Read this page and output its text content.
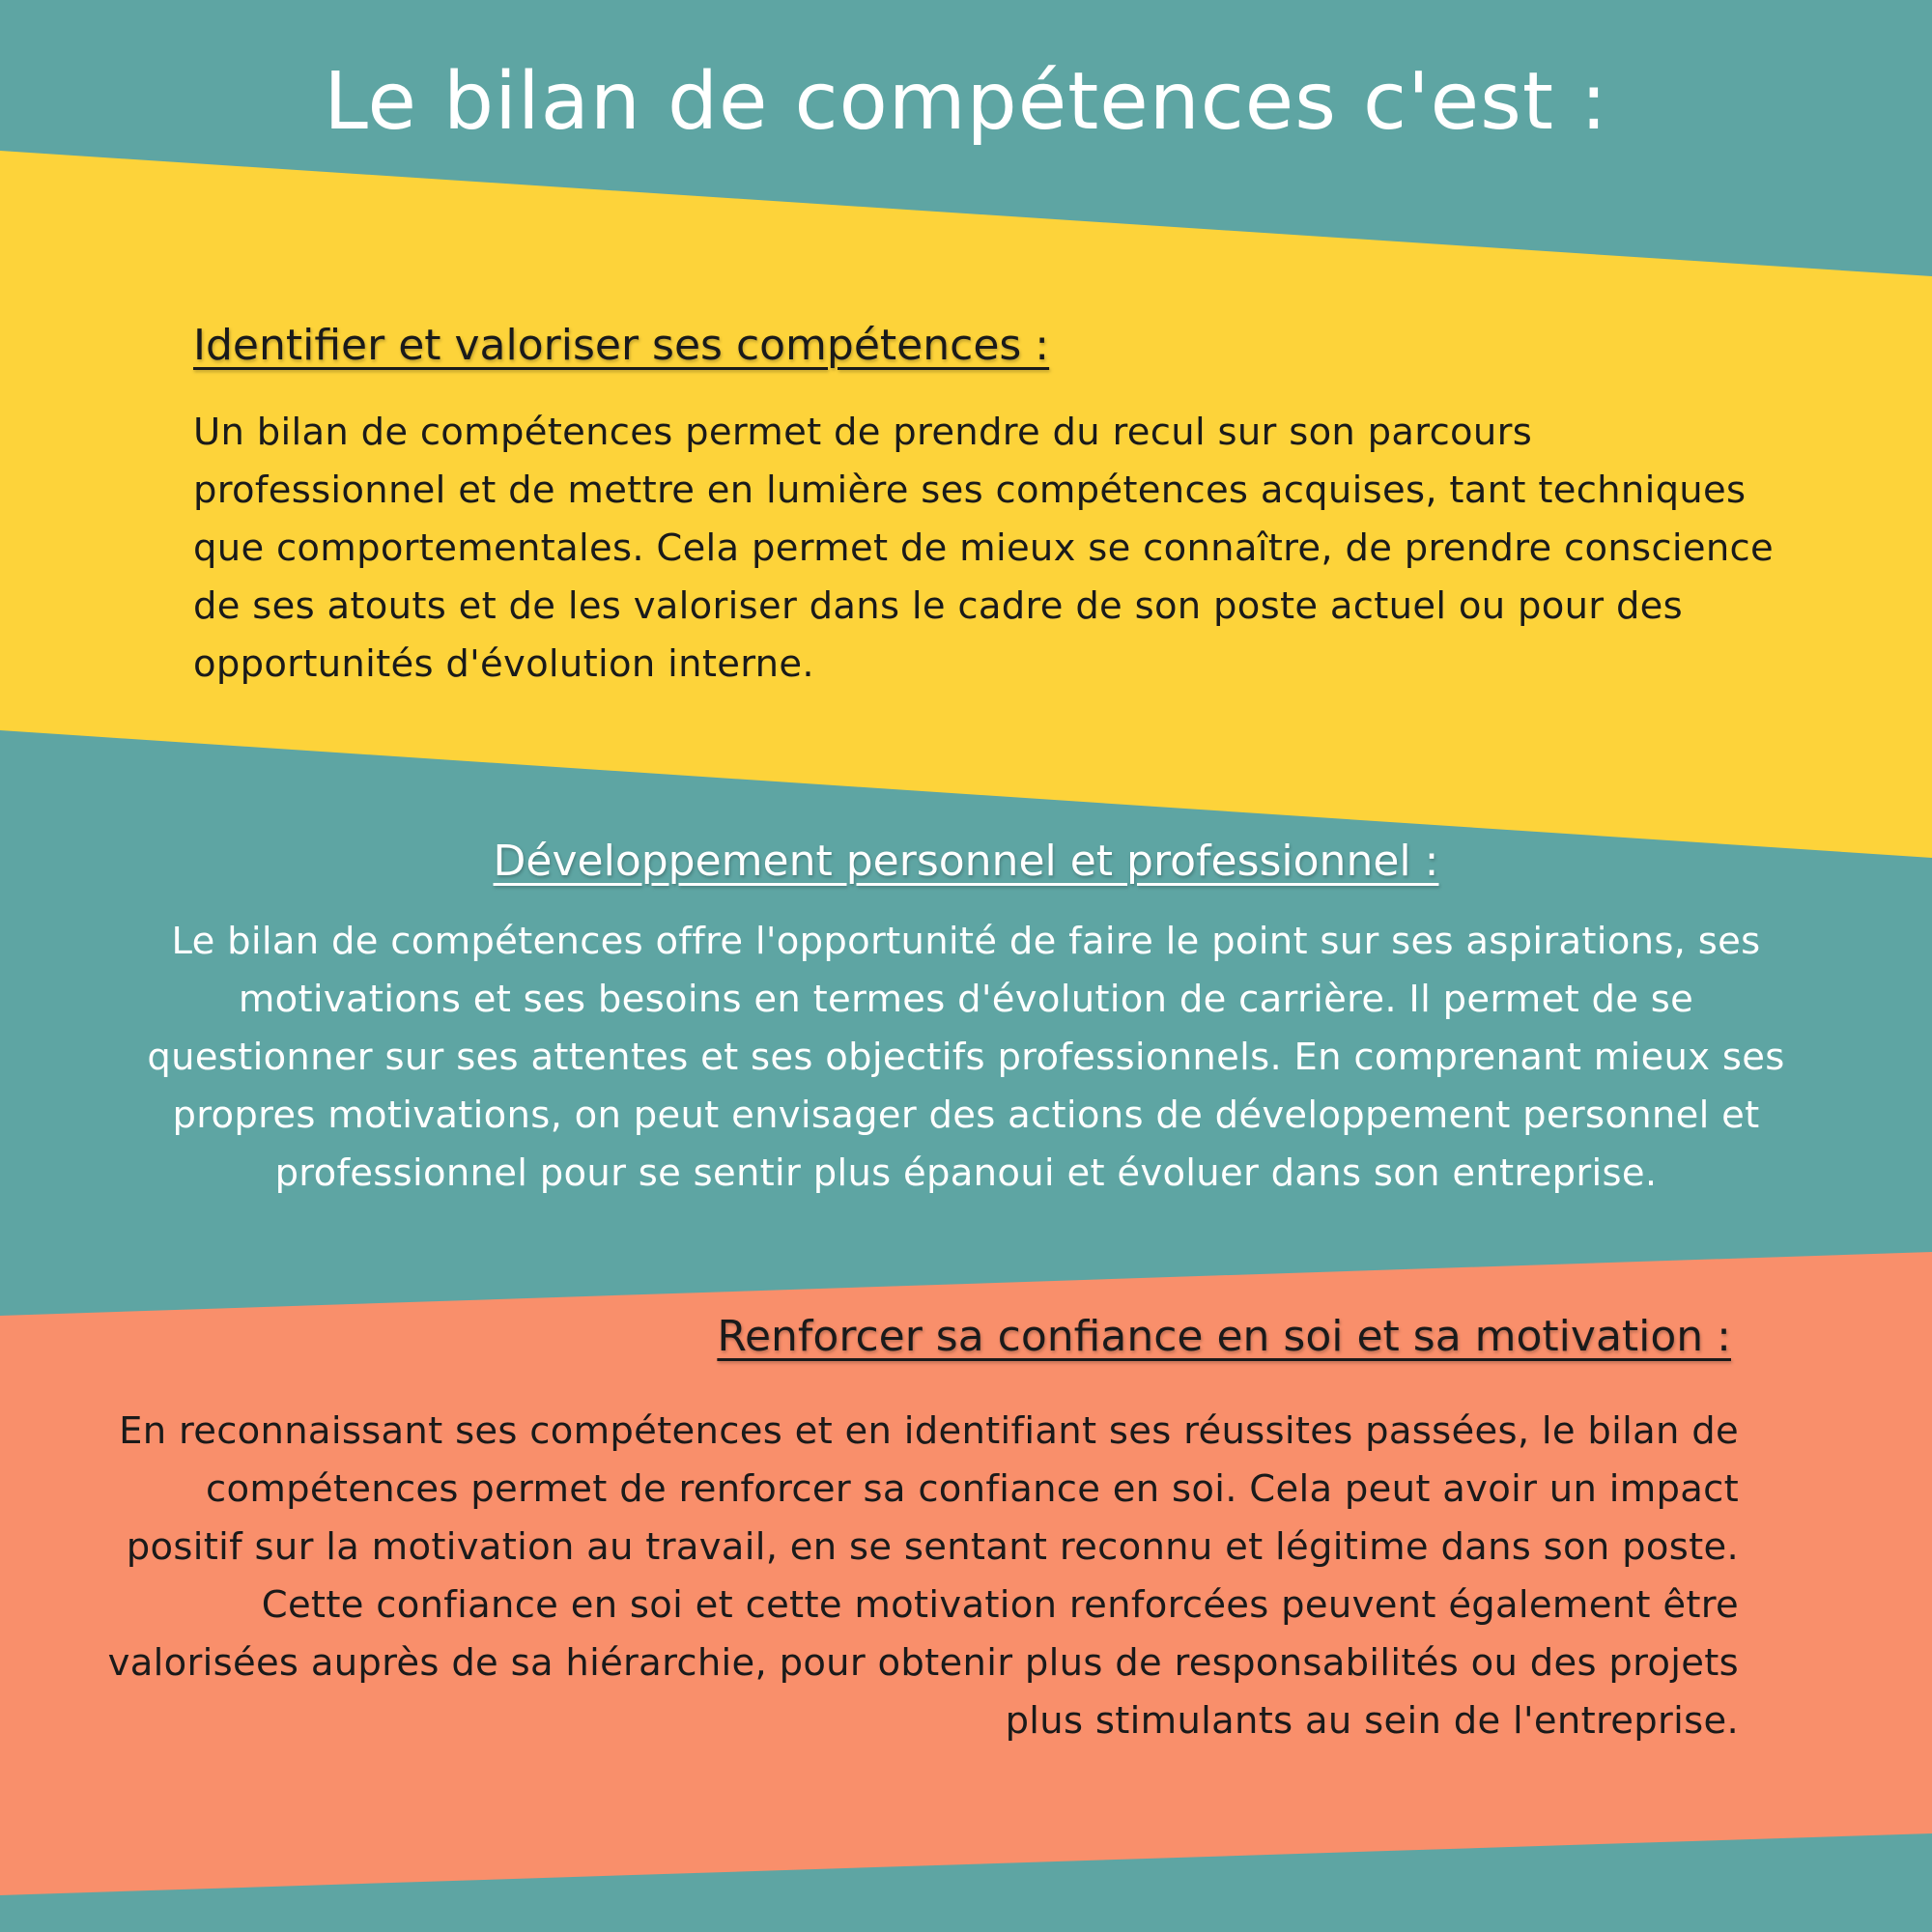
Le bilan de compétences c'est :
Identifier et valoriser ses compétences :

Un bilan de compétences permet de prendre du recul sur son parcours professionnel et de mettre en lumière ses compétences acquises, tant techniques que comportementales. Cela permet de mieux se connaître, de prendre conscience de ses atouts et de les valoriser dans le cadre de son poste actuel ou pour des opportunités d'évolution interne.

Développement personnel et professionnel :

Le bilan de compétences offre l'opportunité de faire le point sur ses aspirations, ses motivations et ses besoins en termes d'évolution de carrière. Il permet de se questionner sur ses attentes et ses objectifs professionnels. En comprenant mieux ses propres motivations, on peut envisager des actions de développement personnel et professionnel pour se sentir plus épanoui et évoluer dans son entreprise.

Renforcer sa confiance en soi et sa motivation :

En reconnaissant ses compétences et en identifiant ses réussites passées, le bilan de compétences permet de renforcer sa confiance en soi. Cela peut avoir un impact positif sur la motivation au travail, en se sentant reconnu et légitime dans son poste. Cette confiance en soi et cette motivation renforcées peuvent également être valorisées auprès de sa hiérarchie, pour obtenir plus de responsabilités ou des projets plus stimulants au sein de l'entreprise.
